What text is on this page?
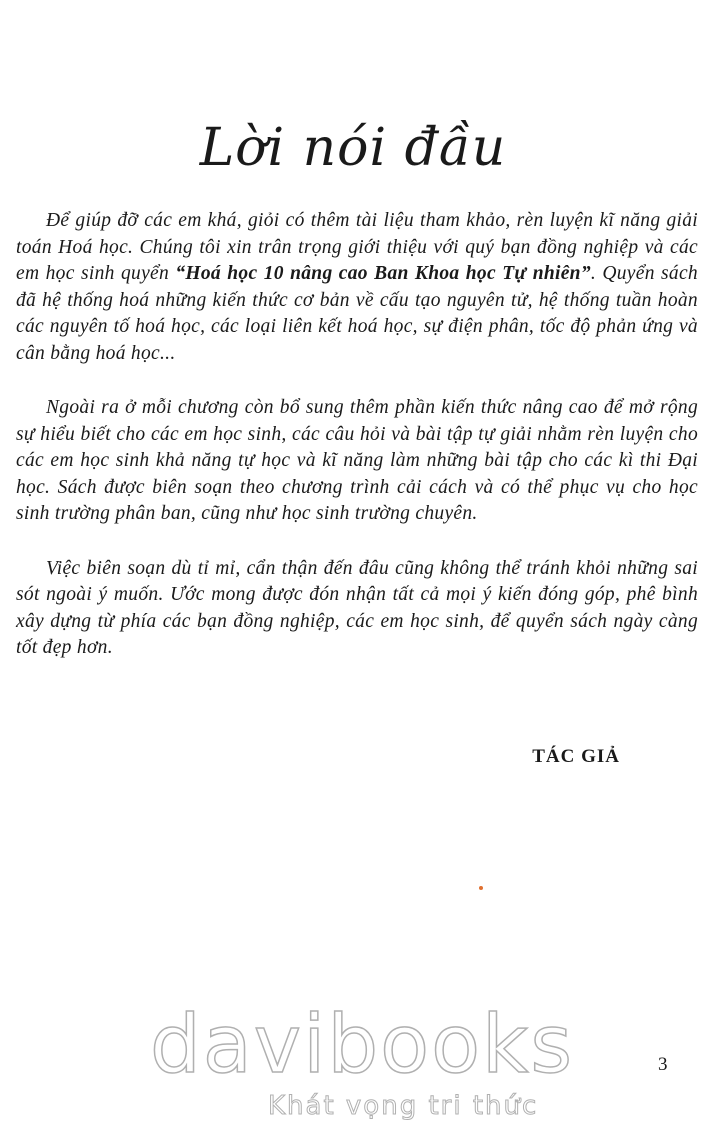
Lời nói đầu

Để giúp đỡ các em khá, giỏi có thêm tài liệu tham khảo, rèn luyện kĩ năng giải toán Hoá học. Chúng tôi xin trân trọng giới thiệu với quý bạn đồng nghiệp và các em học sinh quyển “Hoá học 10 nâng cao Ban Khoa học Tự nhiên”. Quyển sách đã hệ thống hoá những kiến thức cơ bản về cấu tạo nguyên tử, hệ thống tuần hoàn các nguyên tố hoá học, các loại liên kết hoá học, sự điện phân, tốc độ phản ứng và cân bằng hoá học...

Ngoài ra ở mỗi chương còn bổ sung thêm phần kiến thức nâng cao để mở rộng sự hiểu biết cho các em học sinh, các câu hỏi và bài tập tự giải nhằm rèn luyện cho các em học sinh khả năng tự học và kĩ năng làm những bài tập cho các kì thi Đại học. Sách được biên soạn theo chương trình cải cách và có thể phục vụ cho học sinh trường phân ban, cũng như học sinh trường chuyên.

Việc biên soạn dù tỉ mỉ, cẩn thận đến đâu cũng không thể tránh khỏi những sai sót ngoài ý muốn. Ước mong được đón nhận tất cả mọi ý kiến đóng góp, phê bình xây dựng từ phía các bạn đồng nghiệp, các em học sinh, để quyển sách ngày càng tốt đẹp hơn.

TÁC GIẢ
davibooks
Khát vọng tri thức
3
